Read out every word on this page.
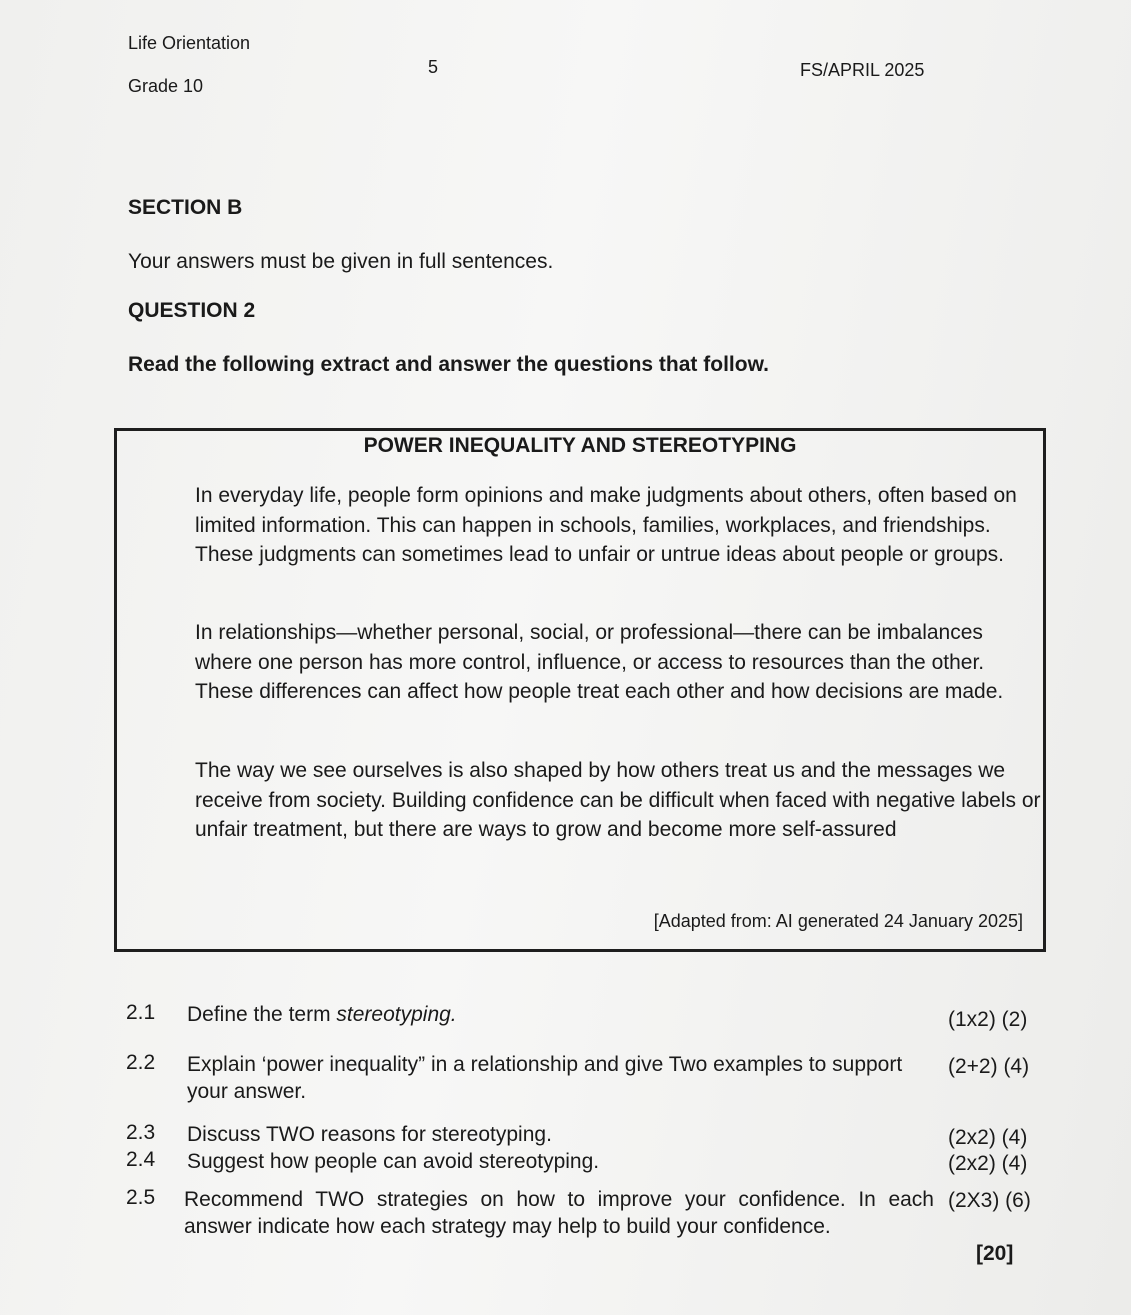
Life Orientation
Grade 10
5	FS/APRIL 2025
SECTION B
Your answers must be given in full sentences.
QUESTION 2
Read the following extract and answer the questions that follow.
POWER INEQUALITY AND STEREOTYPING
In everyday life, people form opinions and make judgments about others, often based on limited information. This can happen in schools, families, workplaces, and friendships. These judgments can sometimes lead to unfair or untrue ideas about people or groups.
In relationships—whether personal, social, or professional—there can be imbalances where one person has more control, influence, or access to resources than the other. These differences can affect how people treat each other and how decisions are made.
The way we see ourselves is also shaped by how others treat us and the messages we receive from society. Building confidence can be difficult when faced with negative labels or unfair treatment, but there are ways to grow and become more self-assured
[Adapted from: AI generated 24 January 2025]
2.1 Define the term stereotyping.	(1x2) (2)
2.2 Explain ‘power inequality” in a relationship and give Two examples to support your answer.
(2+2) (4)
2.3 Discuss TWO reasons for stereotyping.	(2x2) (4)
2.4 Suggest how people can avoid stereotyping.	(2x2) (4)
2.5 Recommend TWO strategies on how to improve your confidence. In each answer indicate how each strategy may help to build your confidence.
(2X3) (6)
[20]
